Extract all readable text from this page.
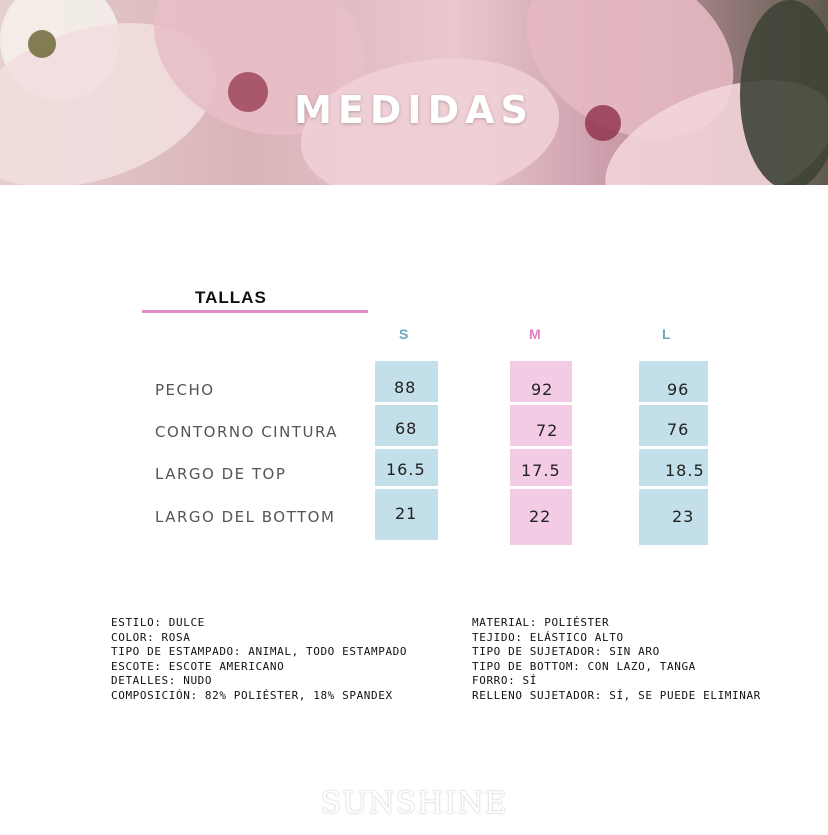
MEDIDAS
TALLAS
S	M	L
PECHO
CONTORNO CINTURA
LARGO DE TOP
LARGO DEL BOTTOM
88
68
16.5
21
92
72
17.5
22
96
76
18.5
23
ESTILO: DULCE
COLOR: ROSA
TIPO DE ESTAMPADO: ANIMAL, TODO ESTAMPADO
ESCOTE: ESCOTE AMERICANO
DETALLES: NUDO
COMPOSICIÓN: 82% POLIÉSTER, 18% SPANDEX
MATERIAL: POLIÉSTER
TEJIDO: ELÁSTICO ALTO
TIPO DE SUJETADOR: SIN ARO
TIPO DE BOTTOM: CON LAZO, TANGA
FORRO: SÍ
RELLENO SUJETADOR: SÍ, SE PUEDE ELIMINAR
SUNSHINE
